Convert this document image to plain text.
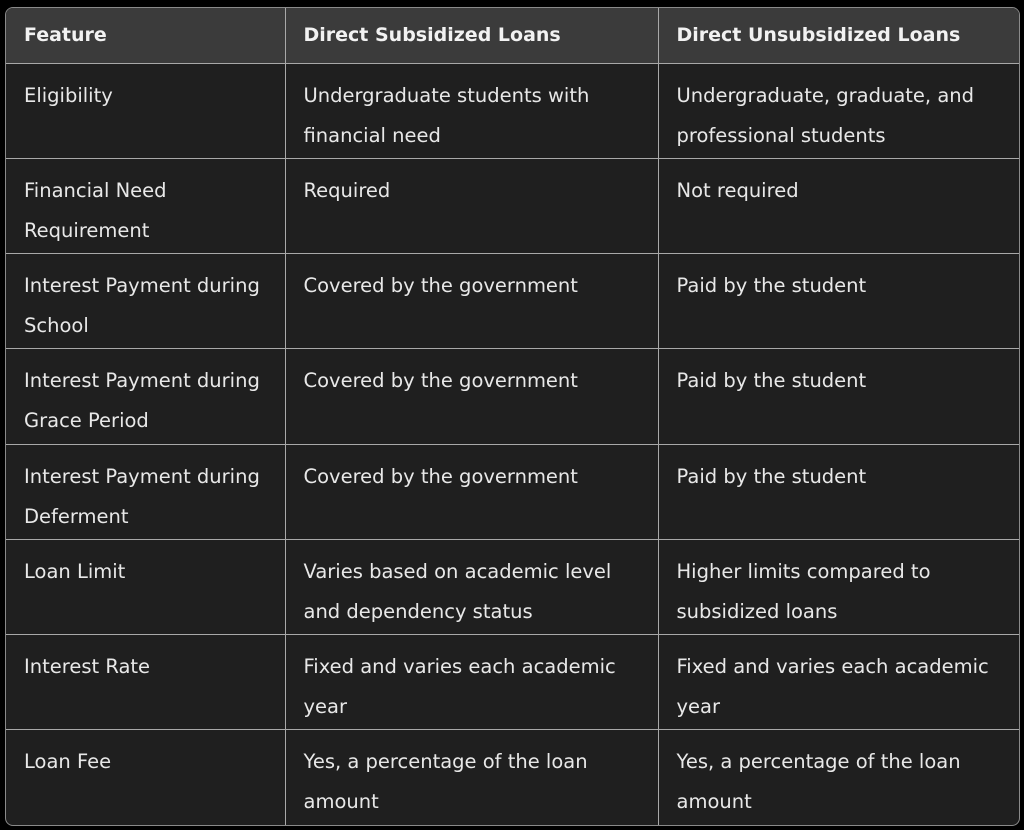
Feature	Direct Subsidized Loans	Direct Unsubsidized Loans
Eligibility	Undergraduate students with financial need	Undergraduate, graduate, and professional students
Financial Need Requirement	Required	Not required
Interest Payment during School	Covered by the government	Paid by the student
Interest Payment during Grace Period	Covered by the government	Paid by the student
Interest Payment during Deferment	Covered by the government	Paid by the student
Loan Limit	Varies based on academic level and dependency status	Higher limits compared to subsidized loans
Interest Rate	Fixed and varies each academic year	Fixed and varies each academic year
Loan Fee	Yes, a percentage of the loan amount	Yes, a percentage of the loan amount
